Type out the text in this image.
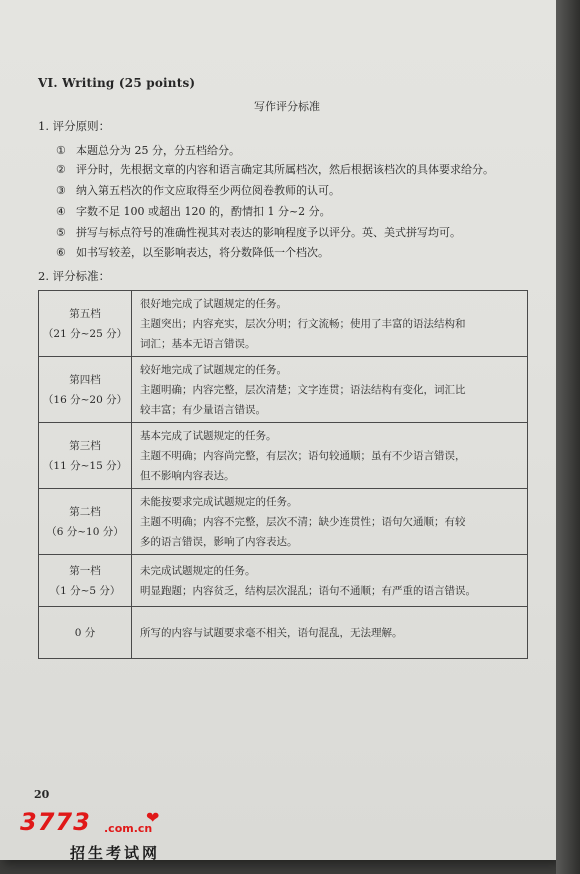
VI. Writing (25 points)
写作评分标准
1. 评分原则：
① 本题总分为 25 分，分五档给分。
② 评分时，先根据文章的内容和语言确定其所属档次，然后根据该档次的具体要求给分。
③ 纳入第五档次的作文应取得至少两位阅卷教师的认可。
④ 字数不足 100 或超出 120 的，酌情扣 1 分~2 分。
⑤ 拼写与标点符号的准确性视其对表达的影响程度予以评分。英、美式拼写均可。
⑥ 如书写较差，以至影响表达，将分数降低一个档次。
2. 评分标准：
第五档
（21 分~25 分）	很好地完成了试题规定的任务。
主题突出；内容充实，层次分明；行文流畅；使用了丰富的语法结构和
词汇；基本无语言错误。

第四档
（16 分~20 分）	较好地完成了试题规定的任务。
主题明确；内容完整，层次清楚；文字连贯；语法结构有变化，词汇比
较丰富；有少量语言错误。

第三档
（11 分~15 分）	基本完成了试题规定的任务。
主题不明确；内容尚完整，有层次；语句较通顺；虽有不少语言错误，
但不影响内容表达。

第二档
（6 分~10 分）	未能按要求完成试题规定的任务。
主题不明确；内容不完整，层次不清；缺少连贯性；语句欠通顺；有较
多的语言错误，影响了内容表达。

第一档
（1 分~5 分）	未完成试题规定的任务。
明显跑题；内容贫乏，结构层次混乱；语句不通顺；有严重的语言错误。

0 分	所写的内容与试题要求毫不相关，语句混乱，无法理解。
20
3773	❤
.com.cn
招生考试网
